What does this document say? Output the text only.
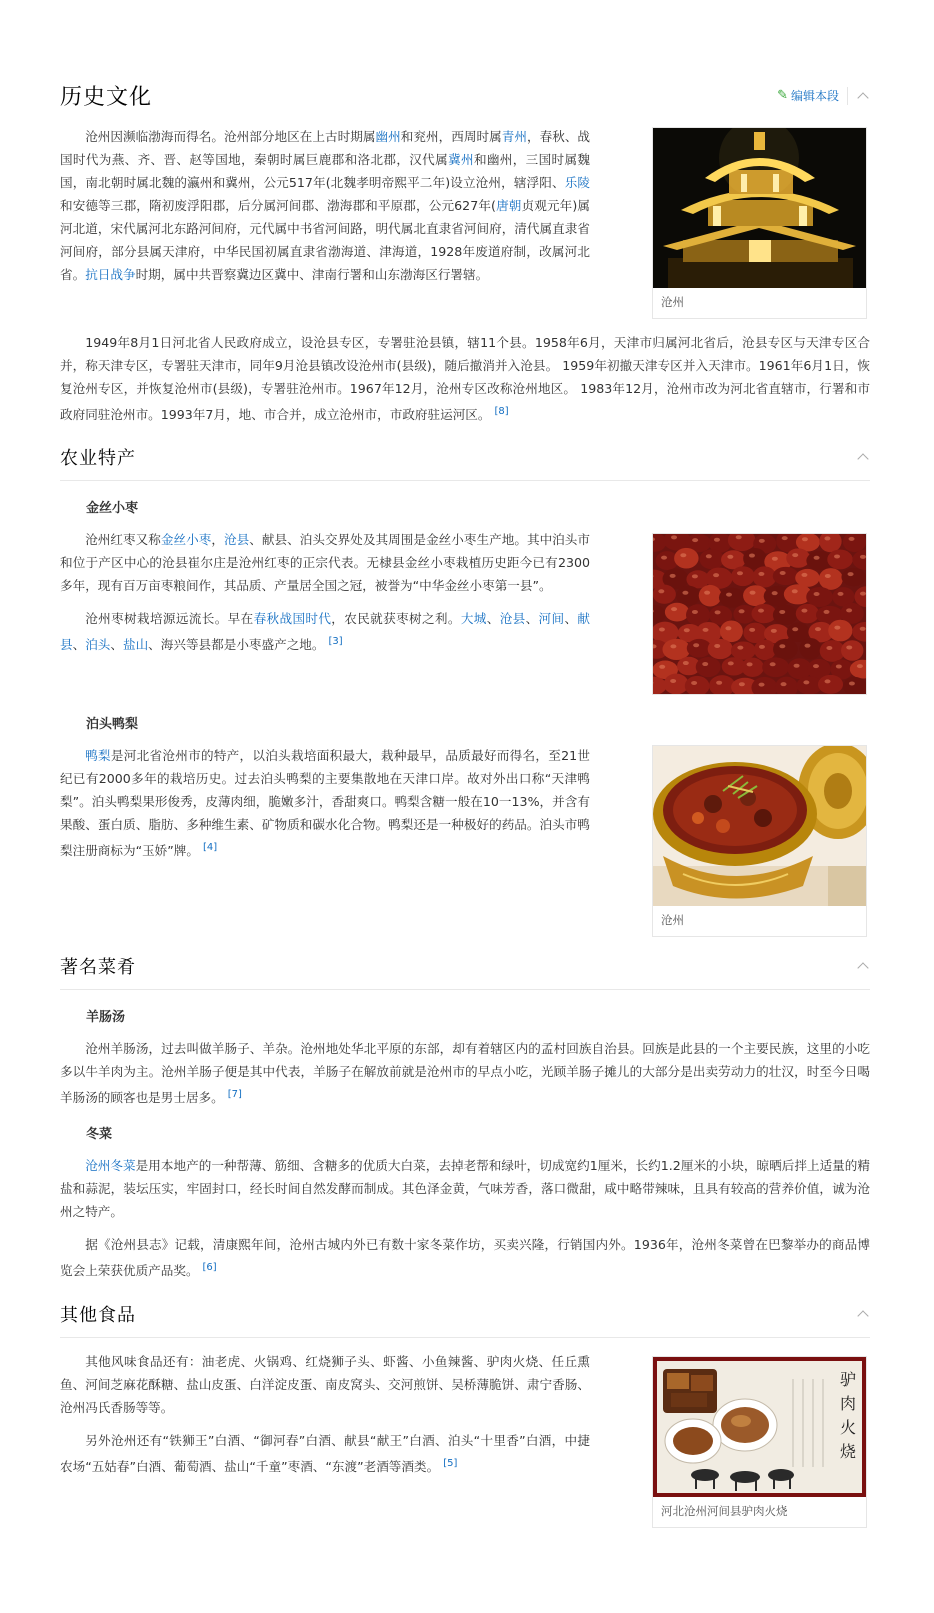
历史文化	✎ 编辑本段

沧州因濒临渤海而得名。沧州部分地区在上古时期属幽州和兖州，西周时属青州，春秋、战国时代为燕、齐、晋、赵等国地，秦朝时属巨鹿郡和洛北郡，汉代属冀州和幽州，三国时属魏国，南北朝时属北魏的瀛州和冀州，公元517年(北魏孝明帝熙平二年)设立沧州，辖浮阳、乐陵和安德等三郡，隋初废浮阳郡，后分属河间郡、渤海郡和平原郡，公元627年(唐朝贞观元年)属河北道，宋代属河北东路河间府，元代属中书省河间路，明代属北直隶省河间府，清代属直隶省河间府，部分县属天津府，中华民国初属直隶省渤海道、津海道，1928年废道府制，改属河北省。抗日战争时期，属中共晋察冀边区冀中、津南行署和山东渤海区行署辖。

沧州

1949年8月1日河北省人民政府成立，设沧县专区，专署驻沧县镇，辖11个县。1958年6月，天津市归属河北省后，沧县专区与天津专区合并，称天津专区，专署驻天津市，同年9月沧县镇改设沧州市(县级)，随后撤消并入沧县。 1959年初撤天津专区并入天津市。1961年6月1日，恢复沧州专区，并恢复沧州市(县级)，专署驻沧州市。1967年12月，沧州专区改称沧州地区。 1983年12月，沧州市改为河北省直辖市，行署和市政府同驻沧州市。1993年7月，地、市合并，成立沧州市，市政府驻运河区。 [8]

农业特产
金丝小枣

沧州红枣又称金丝小枣，沧县、献县、泊头交界处及其周围是金丝小枣生产地。其中泊头市和位于产区中心的沧县崔尔庄是沧州红枣的正宗代表。无棣县金丝小枣栽植历史距今已有2300多年，现有百万亩枣粮间作，其品质、产量居全国之冠，被誉为“中华金丝小枣第一县”。

沧州枣树栽培源远流长。早在春秋战国时代，农民就获枣树之利。大城、沧县、河间、献县、泊头、盐山、海兴等县都是小枣盛产之地。 [3]

泊头鸭梨

鸭梨是河北省沧州市的特产，以泊头栽培面积最大，栽种最早，品质最好而得名，至21世纪已有2000多年的栽培历史。过去泊头鸭梨的主要集散地在天津口岸。故对外出口称“天津鸭梨”。泊头鸭梨果形俊秀，皮薄肉细，脆嫩多汁，香甜爽口。鸭梨含糖一般在10一13%，并含有果酸、蛋白质、脂肪、多种维生素、矿物质和碳水化合物。鸭梨还是一种极好的药品。泊头市鸭梨注册商标为“玉娇”牌。 [4]

沧州
著名菜肴
羊肠汤

沧州羊肠汤，过去叫做羊肠子、羊杂。沧州地处华北平原的东部，却有着辖区内的孟村回族自治县。回族是此县的一个主要民族，这里的小吃多以牛羊肉为主。沧州羊肠子便是其中代表，羊肠子在解放前就是沧州市的早点小吃，光顾羊肠子摊儿的大部分是出卖劳动力的壮汉，时至今日喝羊肠汤的顾客也是男士居多。 [7]

冬菜

沧州冬菜是用本地产的一种帮薄、筋细、含糖多的优质大白菜，去掉老帮和绿叶，切成宽约1厘米，长约1.2厘米的小块，晾晒后拌上适量的精盐和蒜泥，装坛压实，牢固封口，经长时间自然发酵而制成。其色泽金黄，气味芳香，落口微甜，咸中略带辣味，且具有较高的营养价值，诚为沧州之特产。

据《沧州县志》记载，清康熙年间，沧州古城内外已有数十家冬菜作坊，买卖兴隆，行销国内外。1936年，沧州冬菜曾在巴黎举办的商品博览会上荣获优质产品奖。 [6]

其他食品

其他风味食品还有：油老虎、火锅鸡、红烧狮子头、虾酱、小鱼辣酱、驴肉火烧、任丘熏鱼、河间芝麻花酥糖、盐山皮蛋、白洋淀皮蛋、南皮窝头、交河煎饼、吴桥薄脆饼、肃宁香肠、沧州冯氏香肠等等。

另外沧州还有“铁狮王”白酒、“御河春”白酒、献县“献王”白酒、泊头“十里香”白酒，中捷农场“五姑春”白酒、葡萄酒、盐山“千童”枣酒、“东渡”老酒等酒类。 [5]

驴肉火烧
河北沧州河间县驴肉火烧
